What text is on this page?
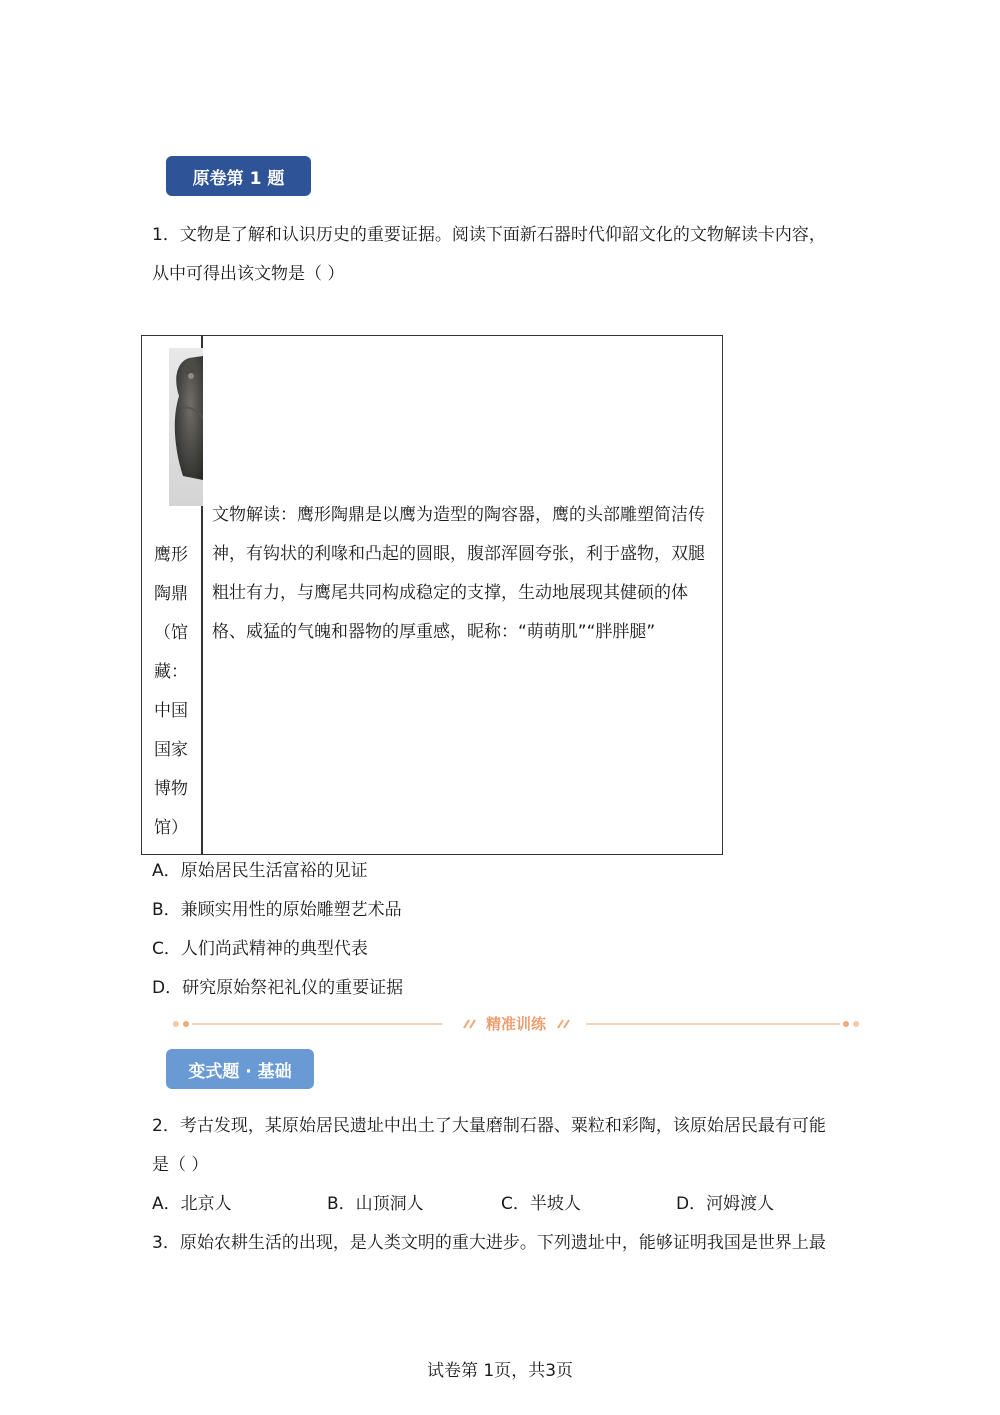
原卷第 1 题
1．文物是了解和认识历史的重要证据。阅读下面新石器时代仰韶文化的文物解读卡内容，
从中可得出该文物是（ ）
鹰形
陶鼎
（馆
藏：
中国
国家
博物
馆）
文物解读：鹰形陶鼎是以鹰为造型的陶容器，鹰的头部雕塑简洁传神，有钩状的利喙和凸起的圆眼，腹部浑圆夸张，利于盛物，双腿粗壮有力，与鹰尾共同构成稳定的支撑，生动地展现其健硕的体格、威猛的气魄和器物的厚重感，昵称：“萌萌肌”“胖胖腿”
A．原始居民生活富裕的见证
B．兼顾实用性的原始雕塑艺术品
C．人们尚武精神的典型代表
D．研究原始祭祀礼仪的重要证据
精准训练
变式题 · 基础
2．考古发现，某原始居民遗址中出土了大量磨制石器、粟粒和彩陶，该原始居民最有可能
是（ ）
A．北京人	B．山顶洞人	C．半坡人	D．河姆渡人
3．原始农耕生活的出现，是人类文明的重大进步。下列遗址中，能够证明我国是世界上最
试卷第 1页，共3页
